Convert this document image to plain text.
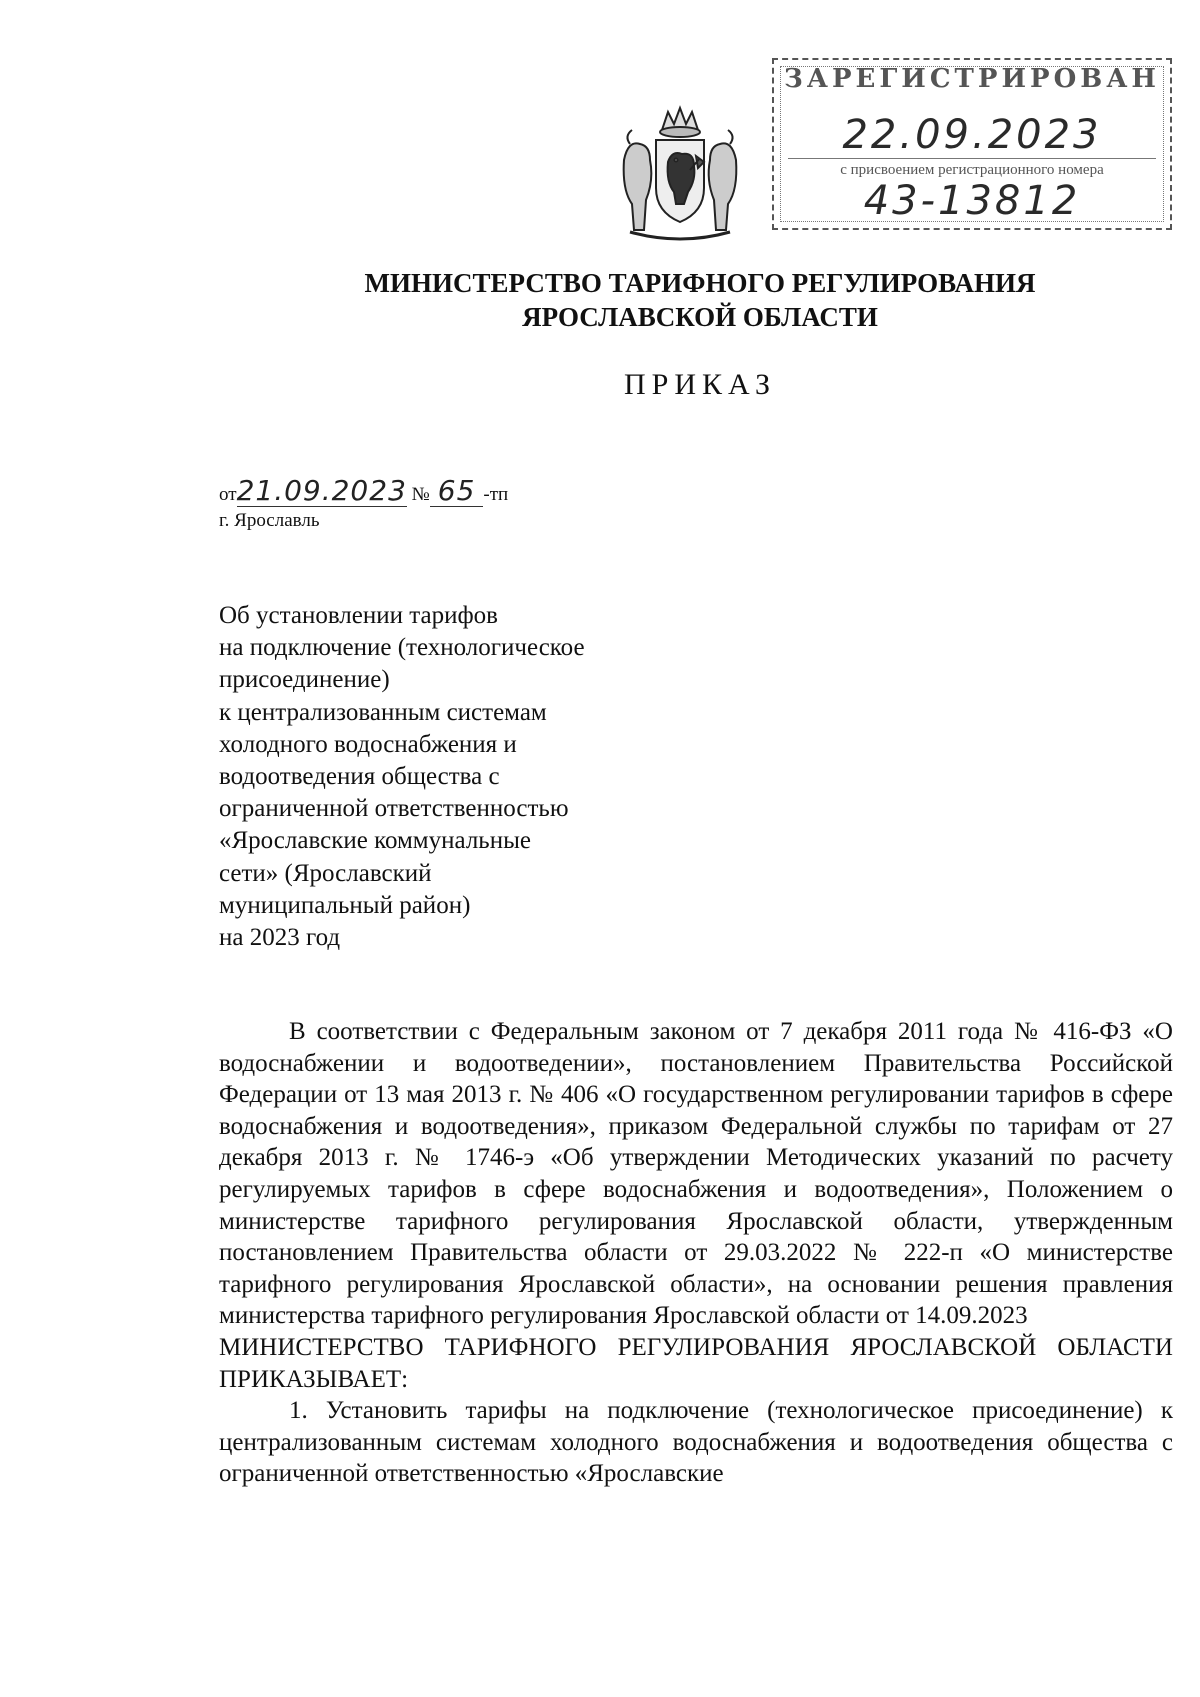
ЗАРЕГИСТРИРОВАН
22.09.2023
с присвоением регистрационного номера
43-13812
МИНИСТЕРСТВО ТАРИФНОГО РЕГУЛИРОВАНИЯ
ЯРОСЛАВСКОЙ ОБЛАСТИ
ПРИКАЗ
от21.09.2023 № 65 -тп
г. Ярославль
Об установлении тарифов
на подключение (технологическое
присоединение)
к централизованным системам
холодного водоснабжения и
водоотведения общества с
ограниченной ответственностью
«Ярославские коммунальные
сети» (Ярославский
муниципальный район)
на 2023 год

В соответствии с Федеральным законом от 7 декабря 2011 года № 416-ФЗ «О водоснабжении и водоотведении», постановлением Правительства Российской Федерации от 13 мая 2013 г. № 406 «О государственном регулировании тарифов в сфере водоснабжения и водоотведения», приказом Федеральной службы по тарифам от 27 декабря 2013 г. № 1746-э «Об утверждении Методических указаний по расчету регулируемых тарифов в сфере водоснабжения и водоотведения», Положением о министерстве тарифного регулирования Ярославской области, утвержденным постановлением Правительства области от 29.03.2022 № 222-п «О министерстве тарифного регулирования Ярославской области», на основании решения правления министерства тарифного регулирования Ярославской области от 14.09.2023

МИНИСТЕРСТВО ТАРИФНОГО РЕГУЛИРОВАНИЯ ЯРОСЛАВСКОЙ ОБЛАСТИ ПРИКАЗЫВАЕТ:

1. Установить тарифы на подключение (технологическое присоединение) к централизованным системам холодного водоснабжения и водоотведения общества с ограниченной ответственностью «Ярославские
